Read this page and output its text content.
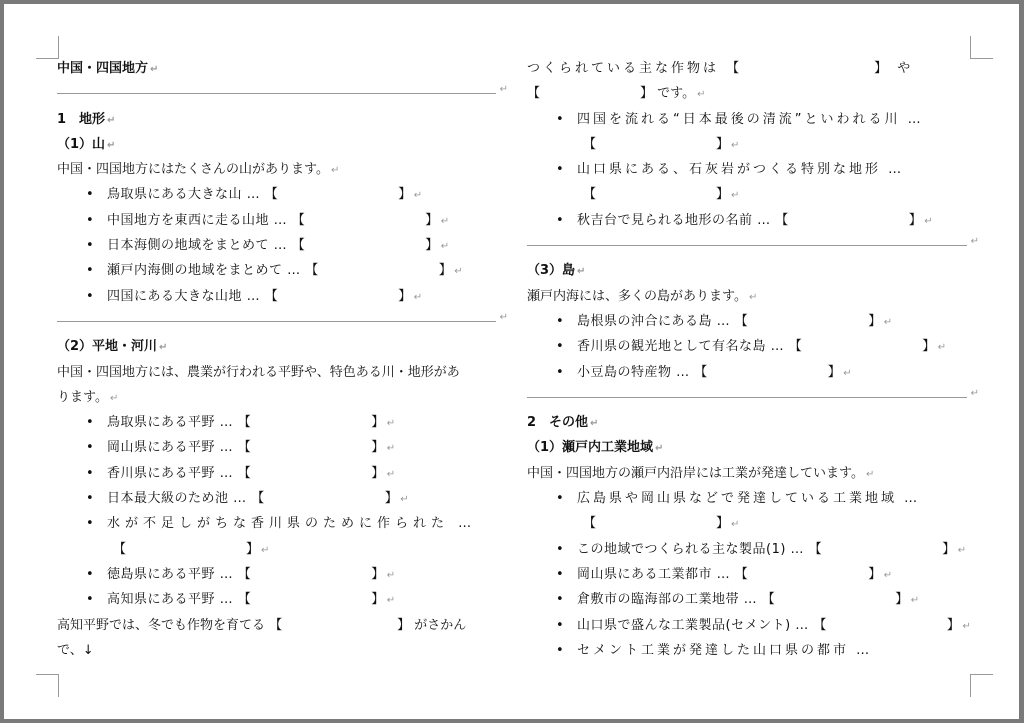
中国・四国地方 ↵
↵
1　地形 ↵
（1）山 ↵
中国・四国地方にはたくさんの山があります。 ↵
• 鳥取県にある大きな山 … 【	】 ↵
• 中国地方を東西に走る山地 … 【	】 ↵
• 日本海側の地域をまとめて … 【	】 ↵
• 瀬戸内海側の地域をまとめて … 【	】 ↵
• 四国にある大きな山地 … 【	】 ↵
↵
（2）平地・河川 ↵
中国・四国地方には、農業が行われる平野や、特色ある川・地形があ
ります。 ↵
• 鳥取県にある平野 … 【	】 ↵
• 岡山県にある平野 … 【	】 ↵
• 香川県にある平野 … 【	】 ↵
• 日本最大級のため池 … 【	】 ↵
• 水が不足しがちな香川県のために作られた …
【	】 ↵
• 徳島県にある平野 … 【	】 ↵
• 高知県にある平野 … 【	】 ↵
高知平野では、冬でも作物を育てる 【	】 がさかん
で、↓
つくられている主な作物は 【	】 や
【	】 です。 ↵
• 四国を流れる“日本最後の清流”といわれる川 …
【	】 ↵
• 山口県にある、石灰岩がつくる特別な地形 …
【	】 ↵
• 秋吉台で見られる地形の名前 … 【	】 ↵
↵
（3）島 ↵
瀬戸内海には、多くの島があります。 ↵
• 島根県の沖合にある島 … 【	】 ↵
• 香川県の観光地として有名な島 … 【	】 ↵
• 小豆島の特産物 … 【	】 ↵
↵
2　その他 ↵
（1）瀬戸内工業地域 ↵
中国・四国地方の瀬戸内沿岸には工業が発達しています。 ↵
• 広島県や岡山県などで発達している工業地域 …
【	】 ↵
• この地域でつくられる主な製品(1) … 【	】 ↵
• 岡山県にある工業都市 … 【	】 ↵
• 倉敷市の臨海部の工業地帯 … 【	】 ↵
• 山口県で盛んな工業製品(セメント) … 【	】 ↵
• セメント工業が発達した山口県の都市 …
